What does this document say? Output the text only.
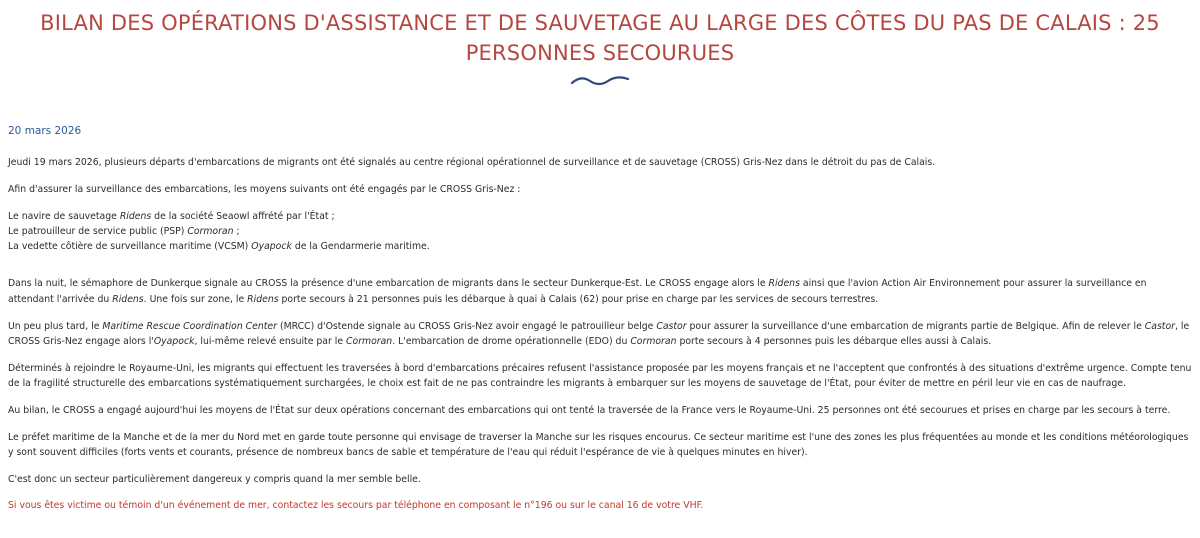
BILAN DES OPÉRATIONS D'ASSISTANCE ET DE SAUVETAGE AU LARGE DES CÔTES DU PAS DE CALAIS : 25 PERSONNES SECOURUES
20 mars 2026

Jeudi 19 mars 2026, plusieurs départs d'embarcations de migrants ont été signalés au centre régional opérationnel de surveillance et de sauvetage (CROSS) Gris-Nez dans le détroit du pas de Calais.

Afin d'assurer la surveillance des embarcations, les moyens suivants ont été engagés par le CROSS Gris-Nez :

Le navire de sauvetage Ridens de la société Seaowl affrété par l'État ;
Le patrouilleur de service public (PSP) Cormoran ;
La vedette côtière de surveillance maritime (VCSM) Oyapock de la Gendarmerie maritime.

Dans la nuit, le sémaphore de Dunkerque signale au CROSS la présence d'une embarcation de migrants dans le secteur Dunkerque-Est. Le CROSS engage alors le Ridens ainsi que l'avion Action Air Environnement pour assurer la surveillance en attendant l'arrivée du Ridens. Une fois sur zone, le Ridens porte secours à 21 personnes puis les débarque à quai à Calais (62) pour prise en charge par les services de secours terrestres.

Un peu plus tard, le Maritime Rescue Coordination Center (MRCC) d'Ostende signale au CROSS Gris-Nez avoir engagé le patrouilleur belge Castor pour assurer la surveillance d'une embarcation de migrants partie de Belgique. Afin de relever le Castor, le CROSS Gris-Nez engage alors l'Oyapock, lui-même relevé ensuite par le Cormoran. L'embarcation de drome opérationnelle (EDO) du Cormoran porte secours à 4 personnes puis les débarque elles aussi à Calais.

Déterminés à rejoindre le Royaume-Uni, les migrants qui effectuent les traversées à bord d'embarcations précaires refusent l'assistance proposée par les moyens français et ne l'acceptent que confrontés à des situations d'extrême urgence. Compte tenu de la fragilité structurelle des embarcations systématiquement surchargées, le choix est fait de ne pas contraindre les migrants à embarquer sur les moyens de sauvetage de l'État, pour éviter de mettre en péril leur vie en cas de naufrage.

Au bilan, le CROSS a engagé aujourd'hui les moyens de l'État sur deux opérations concernant des embarcations qui ont tenté la traversée de la France vers le Royaume-Uni. 25 personnes ont été secourues et prises en charge par les secours à terre.

Le préfet maritime de la Manche et de la mer du Nord met en garde toute personne qui envisage de traverser la Manche sur les risques encourus. Ce secteur maritime est l'une des zones les plus fréquentées au monde et les conditions météorologiques y sont souvent difficiles (forts vents et courants, présence de nombreux bancs de sable et température de l'eau qui réduit l'espérance de vie à quelques minutes en hiver).

C'est donc un secteur particulièrement dangereux y compris quand la mer semble belle.

Si vous êtes victime ou témoin d'un événement de mer, contactez les secours par téléphone en composant le n°196 ou sur le canal 16 de votre VHF.
